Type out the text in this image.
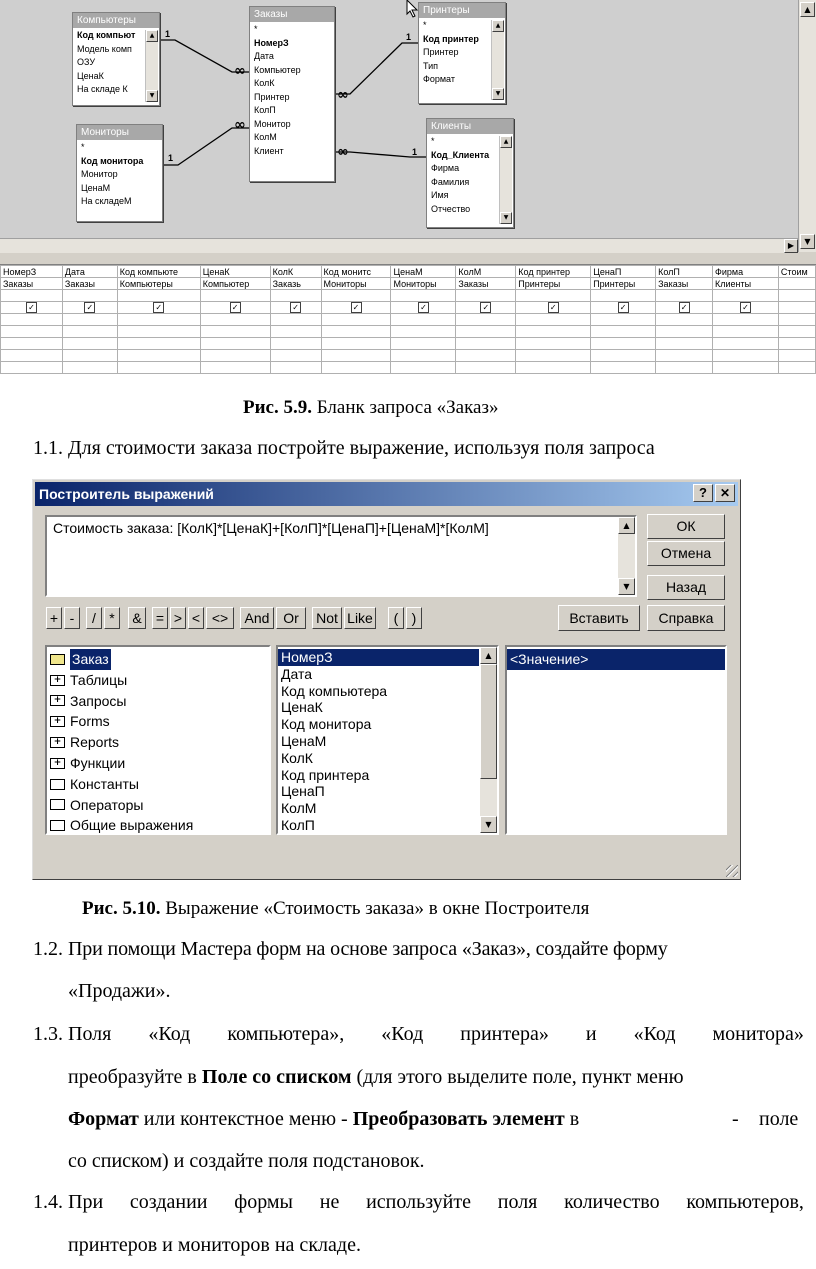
1
∞
∞
1
1
∞
∞	1
Компьютеры
Код компьют
Модель комп
ОЗУ
ЦенаК
На складе К
▲
▼
Заказы
*
НомерЗ
Дата
Компьютер
КолК
Принтер
КолП
Монитор
КолМ
Клиент
Принтеры
*
Код принтер
Принтер
Тип
Формат
▲
▼
Мониторы
*
Код монитора
Монитор
ЦенаМ
На складеМ
Клиенты
*
Код_Клиента
Фирма
Фамилия
Имя
Отчество
▲
▼
▲
▼
▶
НомерЗ	Дата	Код компьюте	ЦенаК	КолК	Код монитс	ЦенаМ	КолМ	Код принтер	ЦенаП	КолП	Фирма	Стоим
Заказы	Заказы	Компьютеры	Компьютер	Заказь	Мониторы	Мониторы	Заказы	Принтеры	Принтеры	Заказы	Клиенты	

✓	✓	✓	✓	✓	✓	✓	✓	✓	✓	✓	✓	

Рис. 5.9. Бланк запроса «Заказ»
1.1. Для стоимости заказа постройте выражение, используя поля запроса
Построитель выражений	?	✕
Стоимость заказа: [КолК]*[ЦенаК]+[КолП]*[ЦенаП]+[ЦенаМ]*[КолМ]	▲
▼
ОК
Отмена
Назад
Вставить	Справка
+ -	/ *	&	= > < <>	And Or	Not Like	( )
Заказ
+ Таблицы
+ Запросы
+ Forms
+ Reports
+ Функции
Константы
Операторы
Общие выражения
НомерЗ
Дата
Код компьютера
ЦенаК
Код монитора
ЦенаМ
КолК
Код принтера
ЦенаП
КолМ
КолП
▲
▼
<Значение>
Рис. 5.10. Выражение «Стоимость заказа» в окне Построителя
1.2. При помощи Мастера форм на основе запроса «Заказ», создайте форму
«Продажи».
1.3. Поля «Код компьютера», «Код принтера» и «Код монитора»
преобразуйте в Поле со списком (для этого выделите поле, пункт меню
Формат или контекстное меню - Преобразовать элемент в	- поле
со списком) и создайте поля подстановок.
1.4. При создании формы не используйте поля количество компьютеров,
принтеров и мониторов на складе.
